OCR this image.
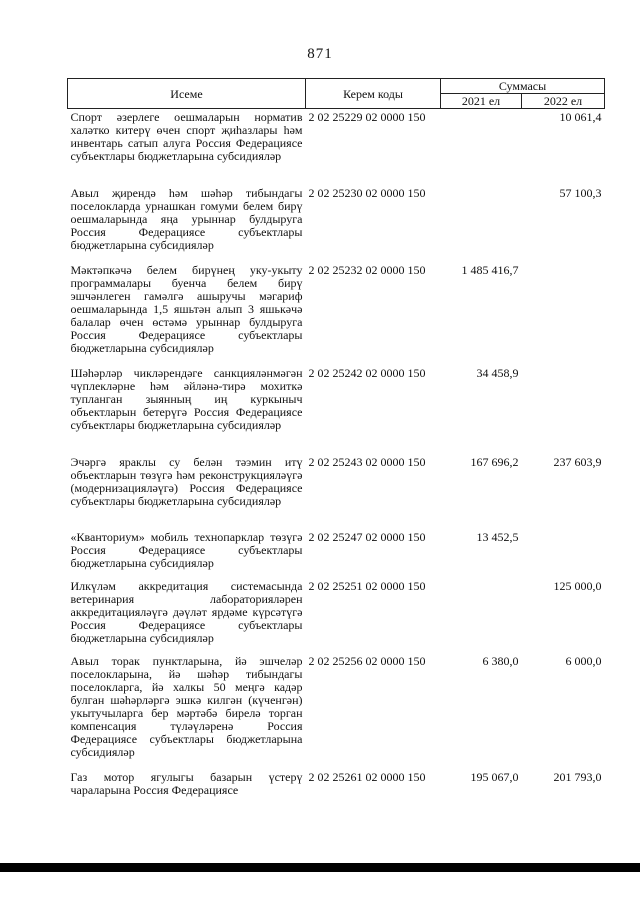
871
Исеме	Керем коды	Суммасы	
		2021 ел	2022 ел
Спорт әзерлеге оешмаларын норматив халәтко китерү өчен спорт җиһазлары һәм инвентарь сатып алуга Россия Федерациясе субъектлары бюджетларына субсидияләр	2 02 25229 02 0000 150		10 061,4
Авыл җирендә һәм шәһәр тибындагы поселокларда урнашкан гомуми белем бирү оешмаларында яңа урыннар булдыруга Россия Федерациясе субъектлары бюджетларына субсидияләр	2 02 25230 02 0000 150		57 100,3
Мәктәпкәчә белем бирүнең уку-укыту программалары буенча белем бирү эшчәнлеген гамәлгә ашыручы мәгариф оешмаларында 1,5 яшьтән алып 3 яшькәчә балалар өчен өстәмә урыннар булдыруга Россия Федерациясе субъектлары бюджетларына субсидияләр	2 02 25232 02 0000 150	1 485 416,7	
Шәһәрләр чикләрендәге санкцияләнмәгән чүплекләрне һәм әйләнә-тирә мохиткә тупланган зыянның иң куркыныч объектларын бетерүгә Россия Федерациясе субъектлары бюджетларына субсидияләр	2 02 25242 02 0000 150	34 458,9	
Эчәргә яраклы су белән тәэмин итү объектларын төзүгә һәм реконструкцияләүгә (модернизацияләүгә) Россия Федерациясе субъектлары бюджетларына субсидияләр	2 02 25243 02 0000 150	167 696,2	237 603,9
«Кванториум» мобиль технопарклар төзүгә Россия Федерациясе субъектлары бюджетларына субсидияләр	2 02 25247 02 0000 150	13 452,5	
Илкүләм аккредитация системасында ветеринария лабораторияләрен аккредитацияләүгә дәүләт ярдәме күрсәтүгә Россия Федерациясе субъектлары бюджетларына субсидияләр	2 02 25251 02 0000 150		125 000,0
Авыл торак пунктларына, йә эшчеләр поселокларына, йә шәһәр тибындагы поселокларга, йә халкы 50 меңгә кадәр булган шәһәрләргә эшкә килгән (күченгән) укытучыларга бер мәртәбә бирелә торган компенсация түләүләренә Россия Федерациясе субъектлары бюджетларына субсидияләр	2 02 25256 02 0000 150	6 380,0	6 000,0
Газ мотор ягулыгы базарын үстерү чараларына Россия Федерациясе	2 02 25261 02 0000 150	195 067,0	201 793,0
